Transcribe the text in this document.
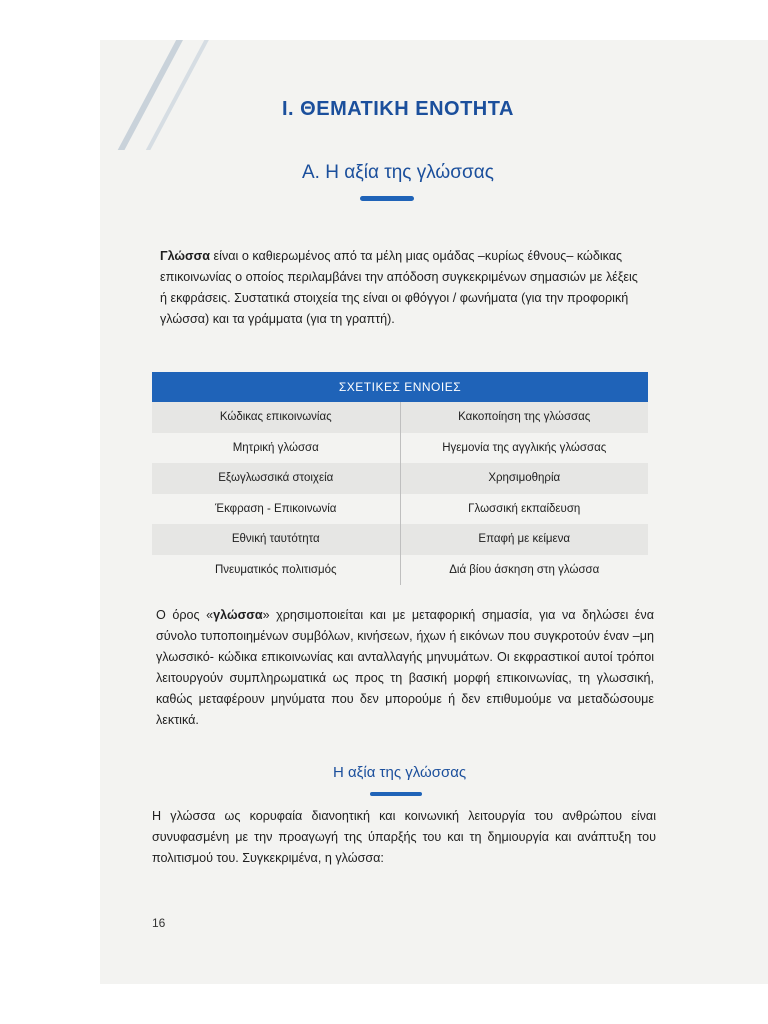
I. ΘΕΜΑΤΙΚΗ ΕΝΟΤΗΤΑ
Α. Η αξία της γλώσσας

Γλώσσα είναι ο καθιερωμένος από τα μέλη μιας ομάδας –κυρίως έθνους– κώδικας επικοινωνίας ο οποίος περιλαμβάνει την απόδοση συγκεκριμένων σημασιών με λέξεις ή εκφράσεις. Συστατικά στοιχεία της είναι οι φθόγγοι / φωνήματα (για την προφορική γλώσσα) και τα γράμματα (για τη γραπτή).

ΣΧΕΤΙΚΕΣ ΕΝΝΟΙΕΣ
Κώδικας επικοινωνίας	Κακοποίηση της γλώσσας
Μητρική γλώσσα	Ηγεμονία της αγγλικής γλώσσας
Εξωγλωσσικά στοιχεία	Χρησιμοθηρία
Έκφραση - Επικοινωνία	Γλωσσική εκπαίδευση
Εθνική ταυτότητα	Επαφή με κείμενα
Πνευματικός πολιτισμός	Διά βίου άσκηση στη γλώσσα

Ο όρος «γλώσσα» χρησιμοποιείται και με μεταφορική σημασία, για να δηλώσει ένα σύνολο τυποποιημένων συμβόλων, κινήσεων, ήχων ή εικόνων που συγκροτούν έναν –μη γλωσσικό- κώδικα επικοινωνίας και ανταλλαγής μηνυμάτων. Οι εκφραστικοί αυτοί τρόποι λειτουργούν συμπληρωματικά ως προς τη βασική μορφή επικοινωνίας, τη γλωσσική, καθώς μεταφέρουν μηνύματα που δεν μπορούμε ή δεν επιθυμούμε να μεταδώσουμε λεκτικά.

Η αξία της γλώσσας

Η γλώσσα ως κορυφαία διανοητική και κοινωνική λειτουργία του ανθρώπου είναι συνυφασμένη με την προαγωγή της ύπαρξής του και τη δημιουργία και ανάπτυξη του πολιτισμού του. Συγκεκριμένα, η γλώσσα:

16
